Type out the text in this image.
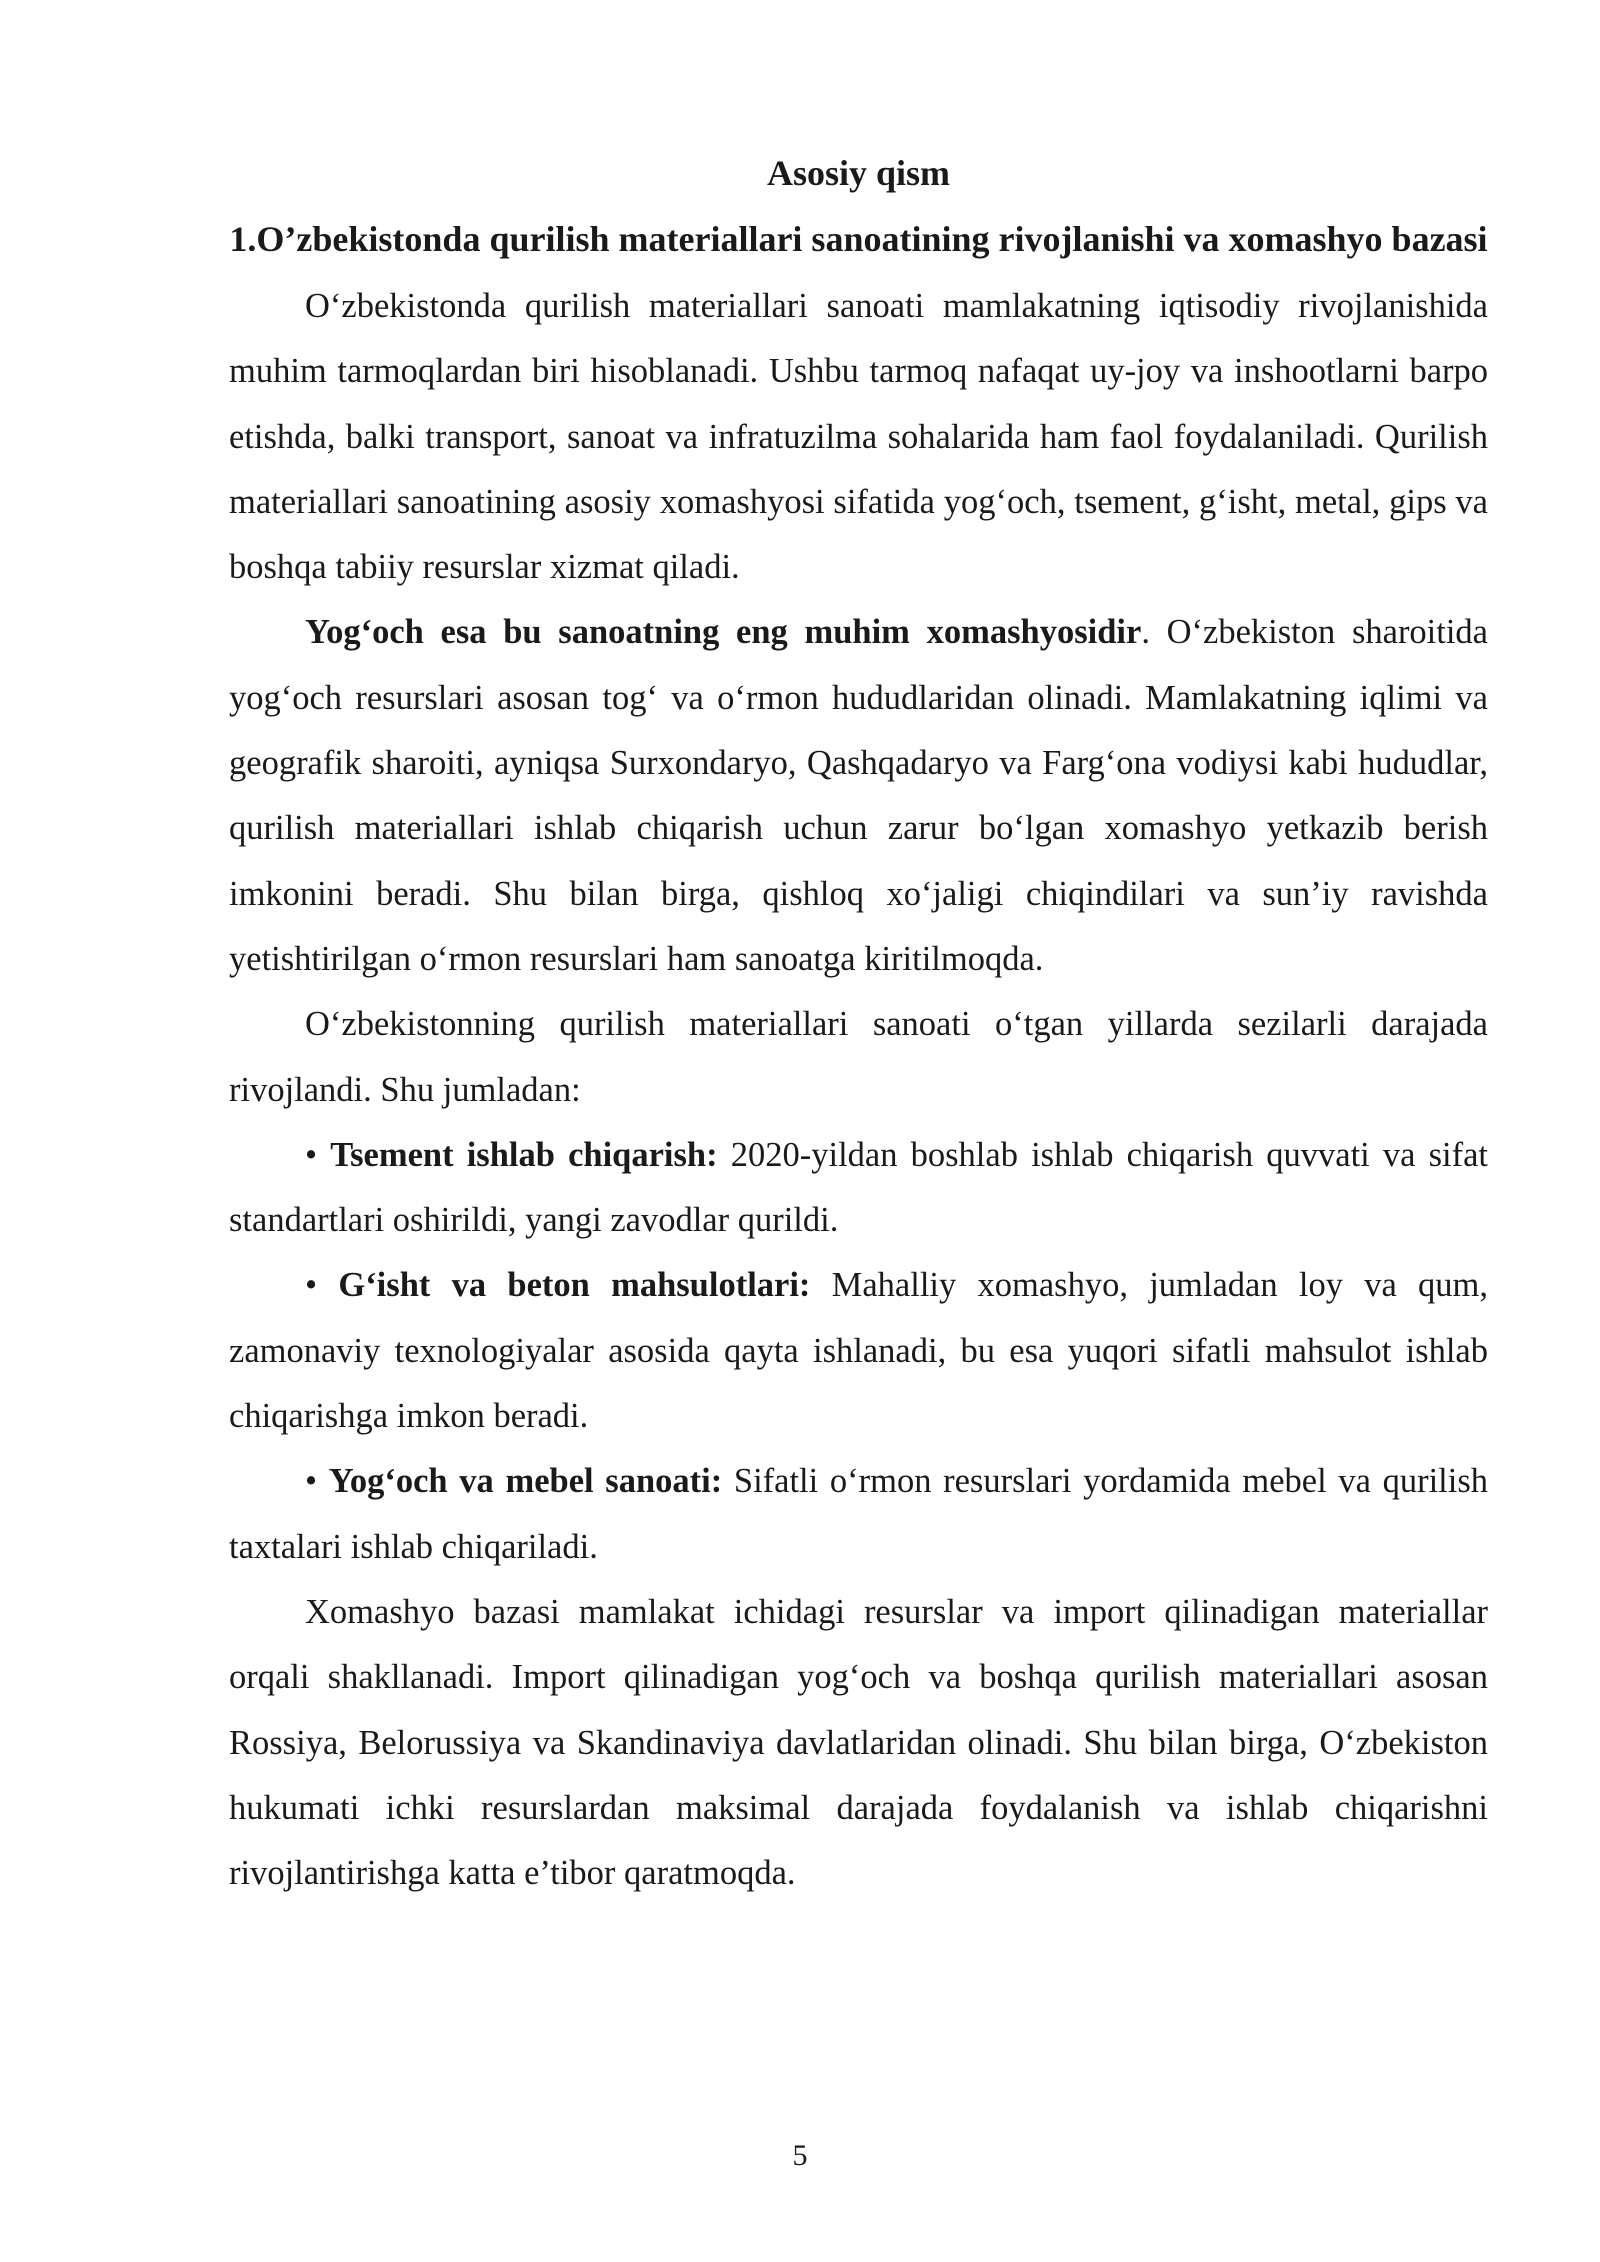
Asosiy qism
1.O’zbekistonda qurilish materiallari sanoatining rivojlanishi va xomashyo bazasi

O‘zbekistonda qurilish materiallari sanoati mamlakatning iqtisodiy rivojlanishida muhim tarmoqlardan biri hisoblanadi. Ushbu tarmoq nafaqat uy-joy va inshootlarni barpo etishda, balki transport, sanoat va infratuzilma sohalarida ham faol foydalaniladi. Qurilish materiallari sanoatining asosiy xomashyosi sifatida yog‘och, tsement, g‘isht, metal, gips va boshqa tabiiy resurslar xizmat qiladi.

Yog‘och esa bu sanoatning eng muhim xomashyosidir. O‘zbekiston sharoitida yog‘och resurslari asosan tog‘ va o‘rmon hududlaridan olinadi. Mamlakatning iqlimi va geografik sharoiti, ayniqsa Surxondaryo, Qashqadaryo va Farg‘ona vodiysi kabi hududlar, qurilish materiallari ishlab chiqarish uchun zarur bo‘lgan xomashyo yetkazib berish imkonini beradi. Shu bilan birga, qishloq xo‘jaligi chiqindilari va sun’iy ravishda yetishtirilgan o‘rmon resurslari ham sanoatga kiritilmoqda.

O‘zbekistonning qurilish materiallari sanoati o‘tgan yillarda sezilarli darajada rivojlandi. Shu jumladan:

• Tsement ishlab chiqarish: 2020-yildan boshlab ishlab chiqarish quvvati va sifat standartlari oshirildi, yangi zavodlar qurildi.

• G‘isht va beton mahsulotlari: Mahalliy xomashyo, jumladan loy va qum, zamonaviy texnologiyalar asosida qayta ishlanadi, bu esa yuqori sifatli mahsulot ishlab chiqarishga imkon beradi.

• Yog‘och va mebel sanoati: Sifatli o‘rmon resurslari yordamida mebel va qurilish taxtalari ishlab chiqariladi.

Xomashyo bazasi mamlakat ichidagi resurslar va import qilinadigan materiallar orqali shakllanadi. Import qilinadigan yog‘och va boshqa qurilish materiallari asosan Rossiya, Belorussiya va Skandinaviya davlatlaridan olinadi. Shu bilan birga, O‘zbekiston hukumati ichki resurslardan maksimal darajada foydalanish va ishlab chiqarishni rivojlantirishga katta e’tibor qaratmoqda.

5
